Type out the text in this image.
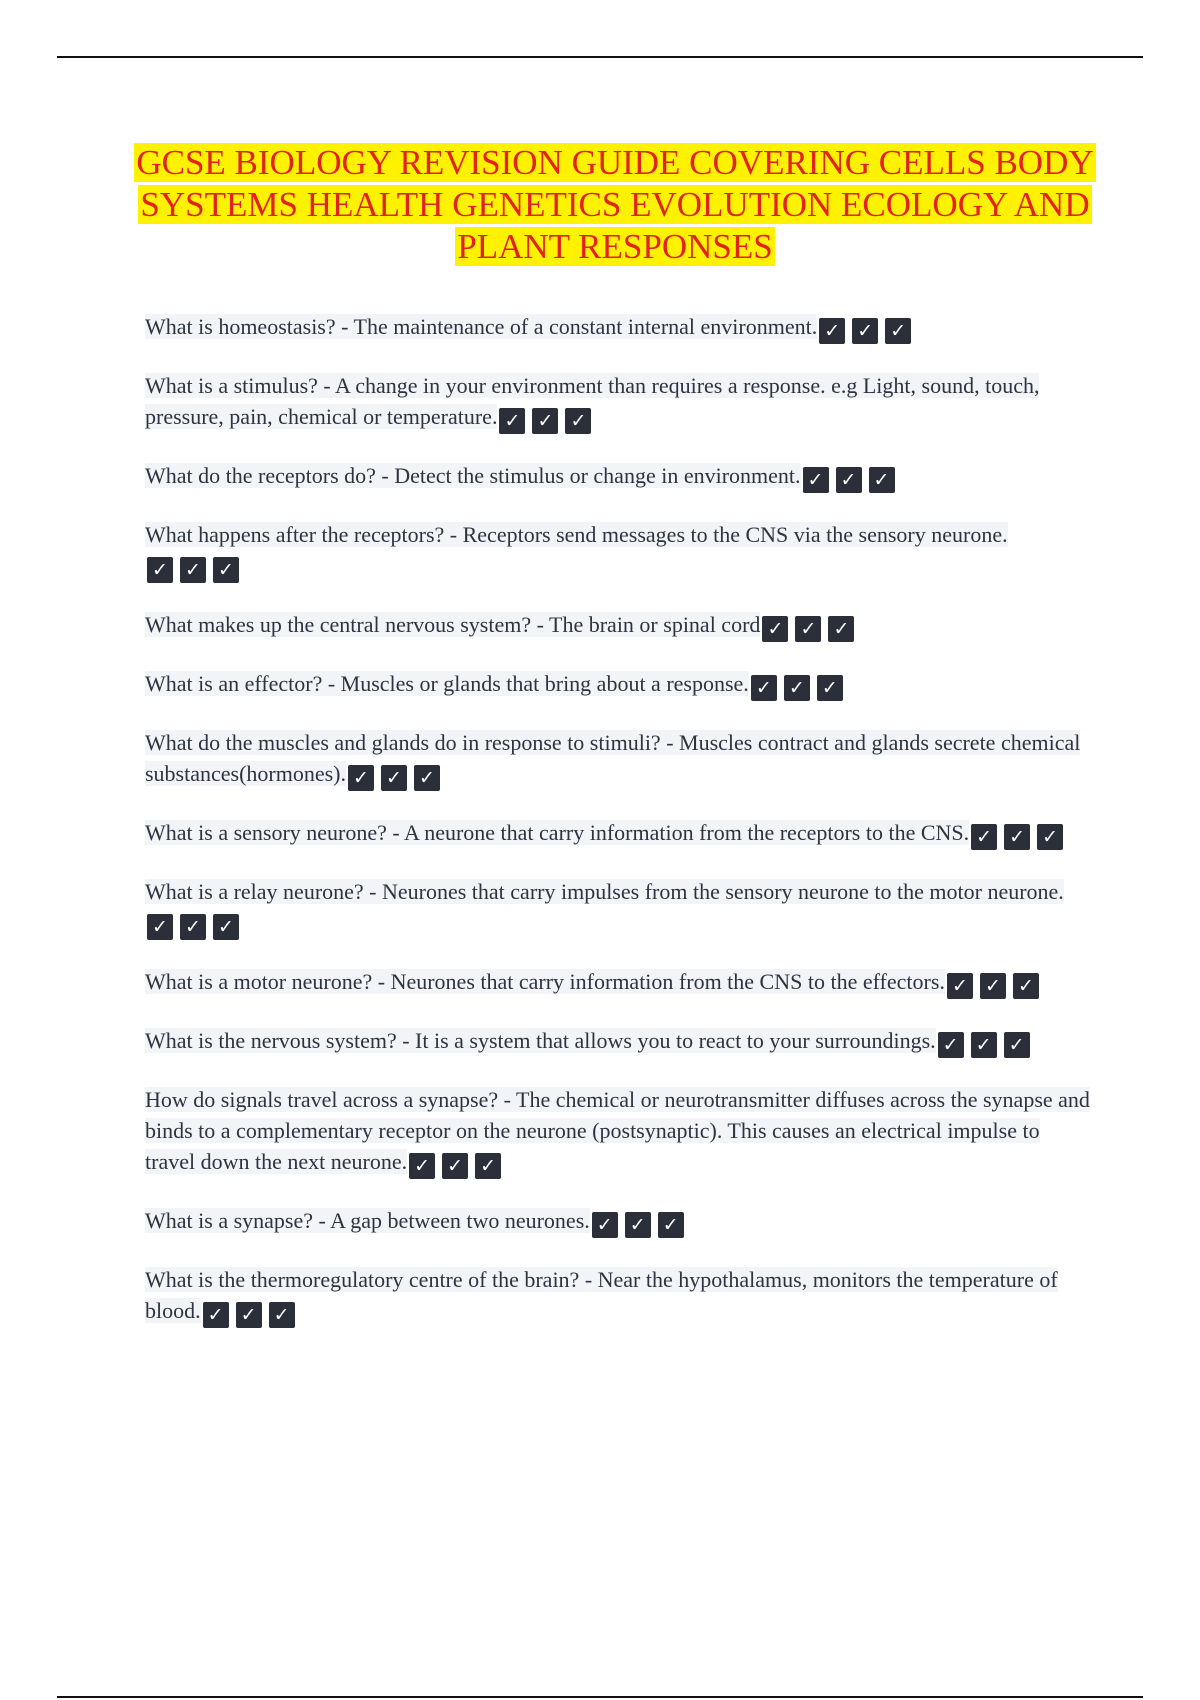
GCSE BIOLOGY REVISION GUIDE COVERING CELLS BODY SYSTEMS HEALTH GENETICS EVOLUTION ECOLOGY AND PLANT RESPONSES
What is homeostasis? - The maintenance of a constant internal environment. ✓ ✓ ✓
What is a stimulus? - A change in your environment than requires a response. e.g Light, sound, touch, pressure, pain, chemical or temperature. ✓ ✓ ✓
What do the receptors do? - Detect the stimulus or change in environment. ✓ ✓ ✓
What happens after the receptors? - Receptors send messages to the CNS via the sensory neurone.✓ ✓ ✓
What makes up the central nervous system? - The brain or spinal cord ✓ ✓ ✓
What is an effector? - Muscles or glands that bring about a response. ✓ ✓ ✓
What do the muscles and glands do in response to stimuli? - Muscles contract and glands secrete chemical substances(hormones). ✓ ✓ ✓
What is a sensory neurone? - A neurone that carry information from the receptors to the CNS. ✓ ✓ ✓
What is a relay neurone? - Neurones that carry impulses from the sensory neurone to the motor neurone.✓ ✓ ✓
What is a motor neurone? - Neurones that carry information from the CNS to the effectors. ✓ ✓ ✓
What is the nervous system? - It is a system that allows you to react to your surroundings. ✓ ✓ ✓
How do signals travel across a synapse? - The chemical or neurotransmitter diffuses across the synapse and binds to a complementary receptor on the neurone (postsynaptic). This causes an electrical impulse to travel down the next neurone. ✓ ✓ ✓
What is a synapse? - A gap between two neurones. ✓ ✓ ✓
What is the thermoregulatory centre of the brain? - Near the hypothalamus, monitors the temperature of blood. ✓ ✓ ✓
